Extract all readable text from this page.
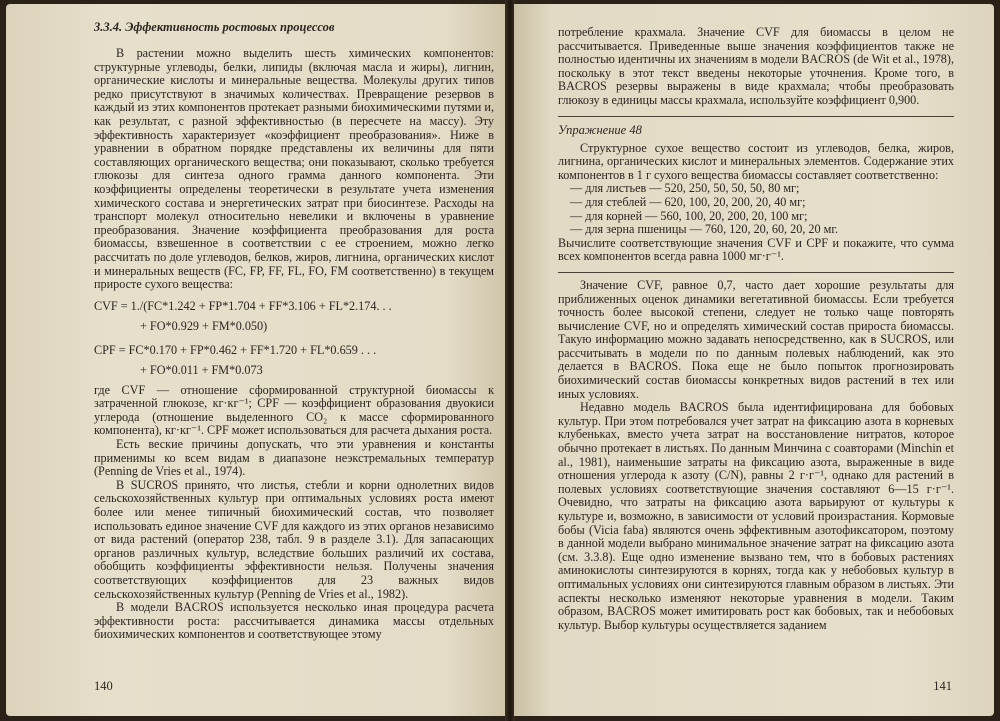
3.3.4. Эффективность ростовых процессов

В растении можно выделить шесть химических компонентов: структурные углеводы, белки, липиды (включая масла и жиры), лигнин, органические кислоты и минеральные вещества. Молекулы других типов редко присутствуют в значимых количествах. Превращение резервов в каждый из этих компонентов протекает разными биохимическими путями и, как результат, с разной эффективностью (в пересчете на массу). Эту эффективность характеризует «коэффициент преобразования». Ниже в уравнении в обратном порядке представлены их величины для пяти составляющих органического вещества; они показывают, сколько требуется глюкозы для синтеза одного грамма данного компонента. Эти коэффициенты определены теоретически в результате учета изменения химического состава и энергетических затрат при биосинтезе. Расходы на транспорт молекул относительно невелики и включены в уравнение преобразования. Значение коэффициента преобразования для роста биомассы, взвешенное в соответствии с ее строением, можно легко рассчитать по доле углеводов, белков, жиров, лигнина, органических кислот и минеральных веществ (FC, FP, FF, FL, FO, FM соответственно) в текущем приросте сухого вещества:

CVF = 1./(FC*1.242 + FP*1.704 + FF*3.106 + FL*2.174. . .
+ FO*0.929 + FM*0.050)
CPF = FC*0.170 + FP*0.462 + FF*1.720 + FL*0.659 . . .
+ FO*0.011 + FM*0.073

где CVF — отношение сформированной структурной биомассы к затраченной глюкозе, кг·кг⁻¹; CPF — коэффициент образования двуокиси углерода (отношение выделенного CO₂ к массе сформированного компонента), кг·кг⁻¹. CPF может использоваться для расчета дыхания роста.

Есть веские причины допускать, что эти уравнения и константы применимы ко всем видам в диапазоне неэкстремальных температур (Penning de Vries et al., 1974).

В SUCROS принято, что листья, стебли и корни однолетних видов сельскохозяйственных культур при оптимальных условиях роста имеют более или менее типичный биохимический состав, что позволяет использовать единое значение CVF для каждого из этих органов независимо от вида растений (оператор 238, табл. 9 в разделе 3.1). Для запасающих органов различных культур, вследствие больших различий их состава, обобщить коэффициенты эффективности нельзя. Получены значения соответствующих коэффициентов для 23 важных видов сельскохозяйственных культур (Penning de Vries et al., 1982).

В модели BACROS используется несколько иная процедура расчета эффективности роста: рассчитывается динамика массы отдельных биохимических компонентов и соответствующее этому

140

потребление крахмала. Значение CVF для биомассы в целом не рассчитывается. Приведенные выше значения коэффициентов также не полностью идентичны их значениям в модели BACROS (de Wit et al., 1978), поскольку в этот текст введены некоторые уточнения. Кроме того, в BACROS резервы выражены в виде крахмала; чтобы преобразовать глюкозу в единицы массы крахмала, используйте коэффициент 0,900.

Упражнение 48

Структурное сухое вещество состоит из углеводов, белка, жиров, лигнина, органических кислот и минеральных элементов. Содержание этих компонентов в 1 г сухого вещества биомассы составляет соответственно:

— для листьев — 520, 250, 50, 50, 50, 80 мг;
— для стеблей — 620, 100, 20, 200, 20, 40 мг;
— для корней — 560, 100, 20, 200, 20, 100 мг;
— для зерна пшеницы — 760, 120, 20, 60, 20, 20 мг.

Вычислите соответствующие значения CVF и CPF и покажите, что сумма всех компонентов всегда равна 1000 мг·г⁻¹.

Значение CVF, равное 0,7, часто дает хорошие результаты для приближенных оценок динамики вегетативной биомассы. Если требуется точность более высокой степени, следует не только чаще повторять вычисление CVF, но и определять химический состав прироста биомассы. Такую информацию можно задавать непосредственно, как в SUCROS, или рассчитывать в модели по по данным полевых наблюдений, как это делается в BACROS. Пока еще не было попыток прогнозировать биохимический состав биомассы конкретных видов растений в тех или иных условиях.

Недавно модель BACROS была идентифицирована для бобовых культур. При этом потребовался учет затрат на фиксацию азота в корневых клубеньках, вместо учета затрат на восстановление нитратов, которое обычно протекает в листьях. По данным Минчина с соавторами (Minchin et al., 1981), наименьшие затраты на фиксацию азота, выраженные в виде отношения углерода к азоту (C/N), равны 2 г·г⁻¹, однако для растений в полевых условиях соответствующие значения составляют 6—15 г·г⁻¹. Очевидно, что затраты на фиксацию азота варьируют от культуры к культуре и, возможно, в зависимости от условий произрастания. Кормовые бобы (Vicia faba) являются очень эффективным азотофиксатором, поэтому в данной модели выбрано минимальное значение затрат на фиксацию азота (см. 3.3.8). Еще одно изменение вызвано тем, что в бобовых растениях аминокислоты синтезируются в корнях, тогда как у небобовых культур в оптимальных условиях они синтезируются главным образом в листьях. Эти аспекты несколько изменяют некоторые уравнения в модели. Таким образом, BACROS может имитировать рост как бобовых, так и небобовых культур. Выбор культуры осуществляется заданием

141
